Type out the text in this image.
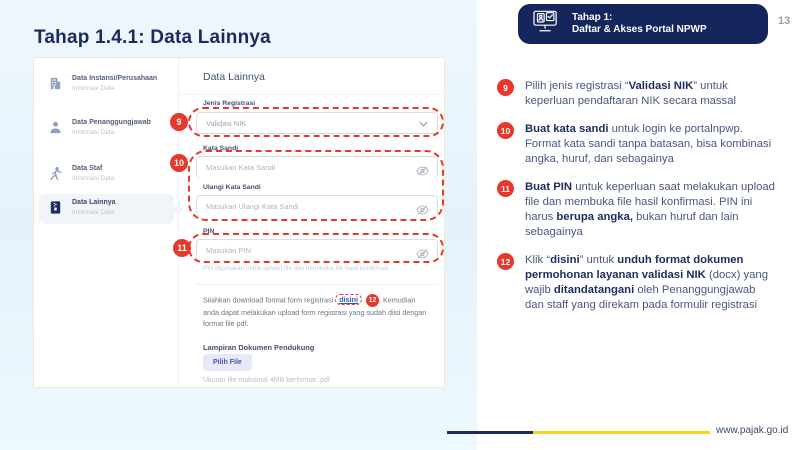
Tahap 1.4.1: Data Lainnya
Tahap 1:
Daftar & Akses Portal NPWP
13
Data Instansi/Perusahaan
Informasi Data
Data Penanggungjawab
Informasi Data
Data Staf
Informasi Data
Data Lainnya
Informasi Data
Data Lainnya
Jenis Registrasi
Validasi NIK
Kata Sandi
Masukan Kata Sandi
Ulangi Kata Sandi
Masukan Ulangi Kata Sandi
PIN
Masukan PIN
PIN digunakan untuk upload file dan membuka file hasil konfirmasi

Silahkan download format form registrasi disini 12 . Kemudian anda dapat melakukan upload form registrasi yang sudah diisi dengan format file pdf.

Lampiran Dokumen Pendukung
Pilih File
Ukuran file maksimal 4MB berformat .pdf
9
10
11
9	Pilih jenis registrasi “Validasi NIK” untuk keperluan pendaftaran NIK secara massal

10	Buat kata sandi untuk login ke portalnpwp. Format kata sandi tanpa batasan, bisa kombinasi angka, huruf, dan sebagainya

11	Buat PIN untuk keperluan saat melakukan upload file dan membuka file hasil konfirmasi. PIN ini harus berupa angka, bukan huruf dan lain sebagainya

12	Klik “disini” untuk unduh format dokumen permohonan layanan validasi NIK (docx) yang wajib ditandatangani oleh Penanggungjawab dan staff yang direkam pada formulir registrasi

www.pajak.go.id
